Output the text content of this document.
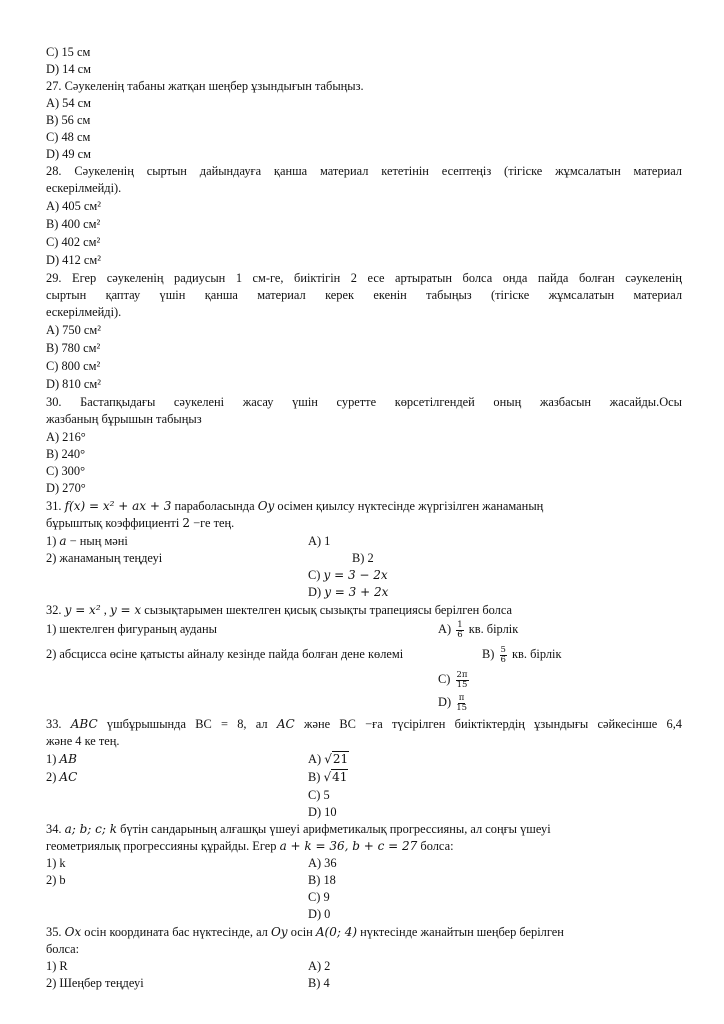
C) 15 см
D) 14 см
27. Сәукеленің табаны жатқан шеңбер ұзындығын табыңыз.
A) 54 см
B) 56 см
C) 48 см
D) 49 см
28. Сәукеленің сыртын дайындауға қанша материал кететінін есептеңіз (тігіске жұмсалатын материал
ескерілмейді).
A) 405 см²
B) 400 см²
C) 402 см²
D) 412 см²
29. Егер сәукеленің радиусын 1 см-ге, биіктігін 2 есе артыратын болса онда пайда болған сәукеленің
сыртын қаптау үшін қанша материал керек екенін табыңыз (тігіске жұмсалатын материал
ескерілмейді).
A) 750 см²
B) 780 см²
C) 800 см²
D) 810 см²
30. Бастапқыдағы сәукелені жасау үшін суретте көрсетілгендей оның жазбасын жасайды.Осы
жазбаның бұрышын табыңыз
A) 216°
B) 240°
C) 300°
D) 270°
31. f(x) = x² + ax + 3 параболасында Oy осімен қиылсу нүктесінде жүргізілген жанаманың
бұрыштық коэффициенті 2 −ге тең.
1) a − ның мәні	A) 1
2) жанаманың теңдеуі	B) 2
C) y = 3 − 2x
D) y = 3 + 2x
32. y = x² , y = x сызықтарымен шектелген қисық сызықты трапециясы берілген болса
1) шектелген фигураның ауданы	$A) \frac{1}{6}$ кв. бірлік
2) абсцисса өсіне қатысты айналу кезінде пайда болған дене көлемі	$B) \frac{5}{6}$ кв. бірлік
$C) \frac{2\pi}{15}$
$D) \frac{\pi}{15}$
33. ABC үшбұрышында ВС = 8, ал AC және ВС −ға түсірілген биіктіктердің ұзындығы сәйкесінше 6,4
және 4 ке тең.
1) AB	A) √21
2) AC	B) √41
C) 5
D) 10
34. a; b; c; k бүтін сандарының алғашқы үшеуі арифметикалық прогрессияны, ал соңғы үшеуі
геометриялық прогрессияны құрайды. Егер a + k = 36, b + c = 27 болса:
1) k	A) 36
2) b	B) 18
C) 9
D) 0
35. Ox осін координата бас нүктесінде, ал Oy осін A(0; 4) нүктесінде жанайтын шеңбер берілген
болса:
1) R	A) 2
2) Шеңбер теңдеуі	B) 4
